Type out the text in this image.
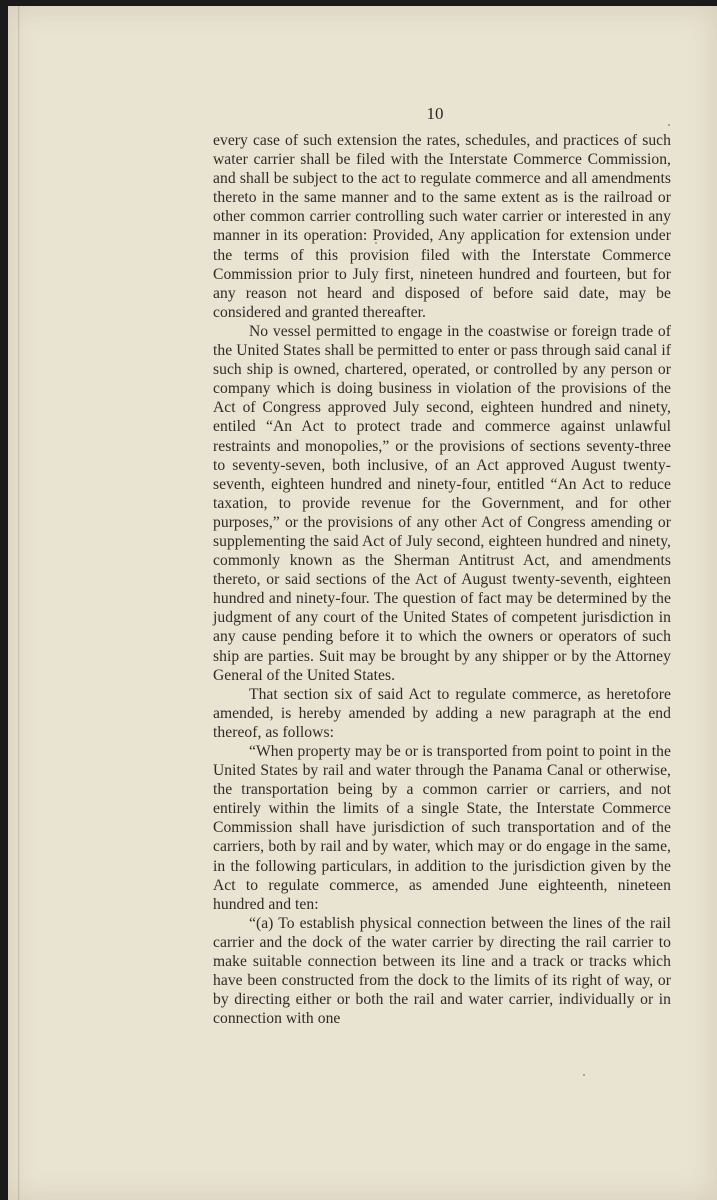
10

every case of such extension the rates, schedules, and practices of such water carrier shall be filed with the Interstate Commerce Commission, and shall be subject to the act to regulate commerce and all amendments thereto in the same manner and to the same extent as is the railroad or other common carrier controlling such water carrier or interested in any manner in its operation: Provided, Any application for extension under the terms of this provision filed with the Interstate Commerce Commission prior to July first, nineteen hundred and fourteen, but for any reason not heard and disposed of before said date, may be considered and granted thereafter.

No vessel permitted to engage in the coastwise or foreign trade of the United States shall be permitted to enter or pass through said canal if such ship is owned, chartered, operated, or controlled by any person or company which is doing business in violation of the provisions of the Act of Congress approved July second, eighteen hundred and ninety, entiled “An Act to protect trade and commerce against unlawful restraints and monopolies,” or the provisions of sections seventy-three to seventy-seven, both inclusive, of an Act approved August twenty-seventh, eighteen hundred and ninety-four, entitled “An Act to reduce taxation, to provide revenue for the Government, and for other purposes,” or the provisions of any other Act of Congress amending or supplementing the said Act of July second, eighteen hundred and ninety, commonly known as the Sherman Antitrust Act, and amendments thereto, or said sections of the Act of August twenty-seventh, eighteen hundred and ninety-four. The question of fact may be determined by the judgment of any court of the United States of competent jurisdiction in any cause pending before it to which the owners or operators of such ship are parties. Suit may be brought by any shipper or by the Attorney General of the United States.

That section six of said Act to regulate commerce, as heretofore amended, is hereby amended by adding a new paragraph at the end thereof, as follows:

“When property may be or is transported from point to point in the United States by rail and water through the Panama Canal or otherwise, the transportation being by a common carrier or carriers, and not entirely within the limits of a single State, the Interstate Commerce Commission shall have jurisdiction of such transportation and of the carriers, both by rail and by water, which may or do engage in the same, in the following particulars, in addition to the jurisdiction given by the Act to regulate commerce, as amended June eighteenth, nineteen hundred and ten:

“(a) To establish physical connection between the lines of the rail carrier and the dock of the water carrier by directing the rail carrier to make suitable connection between its line and a track or tracks which have been constructed from the dock to the limits of its right of way, or by directing either or both the rail and water carrier, individually or in connection with one
